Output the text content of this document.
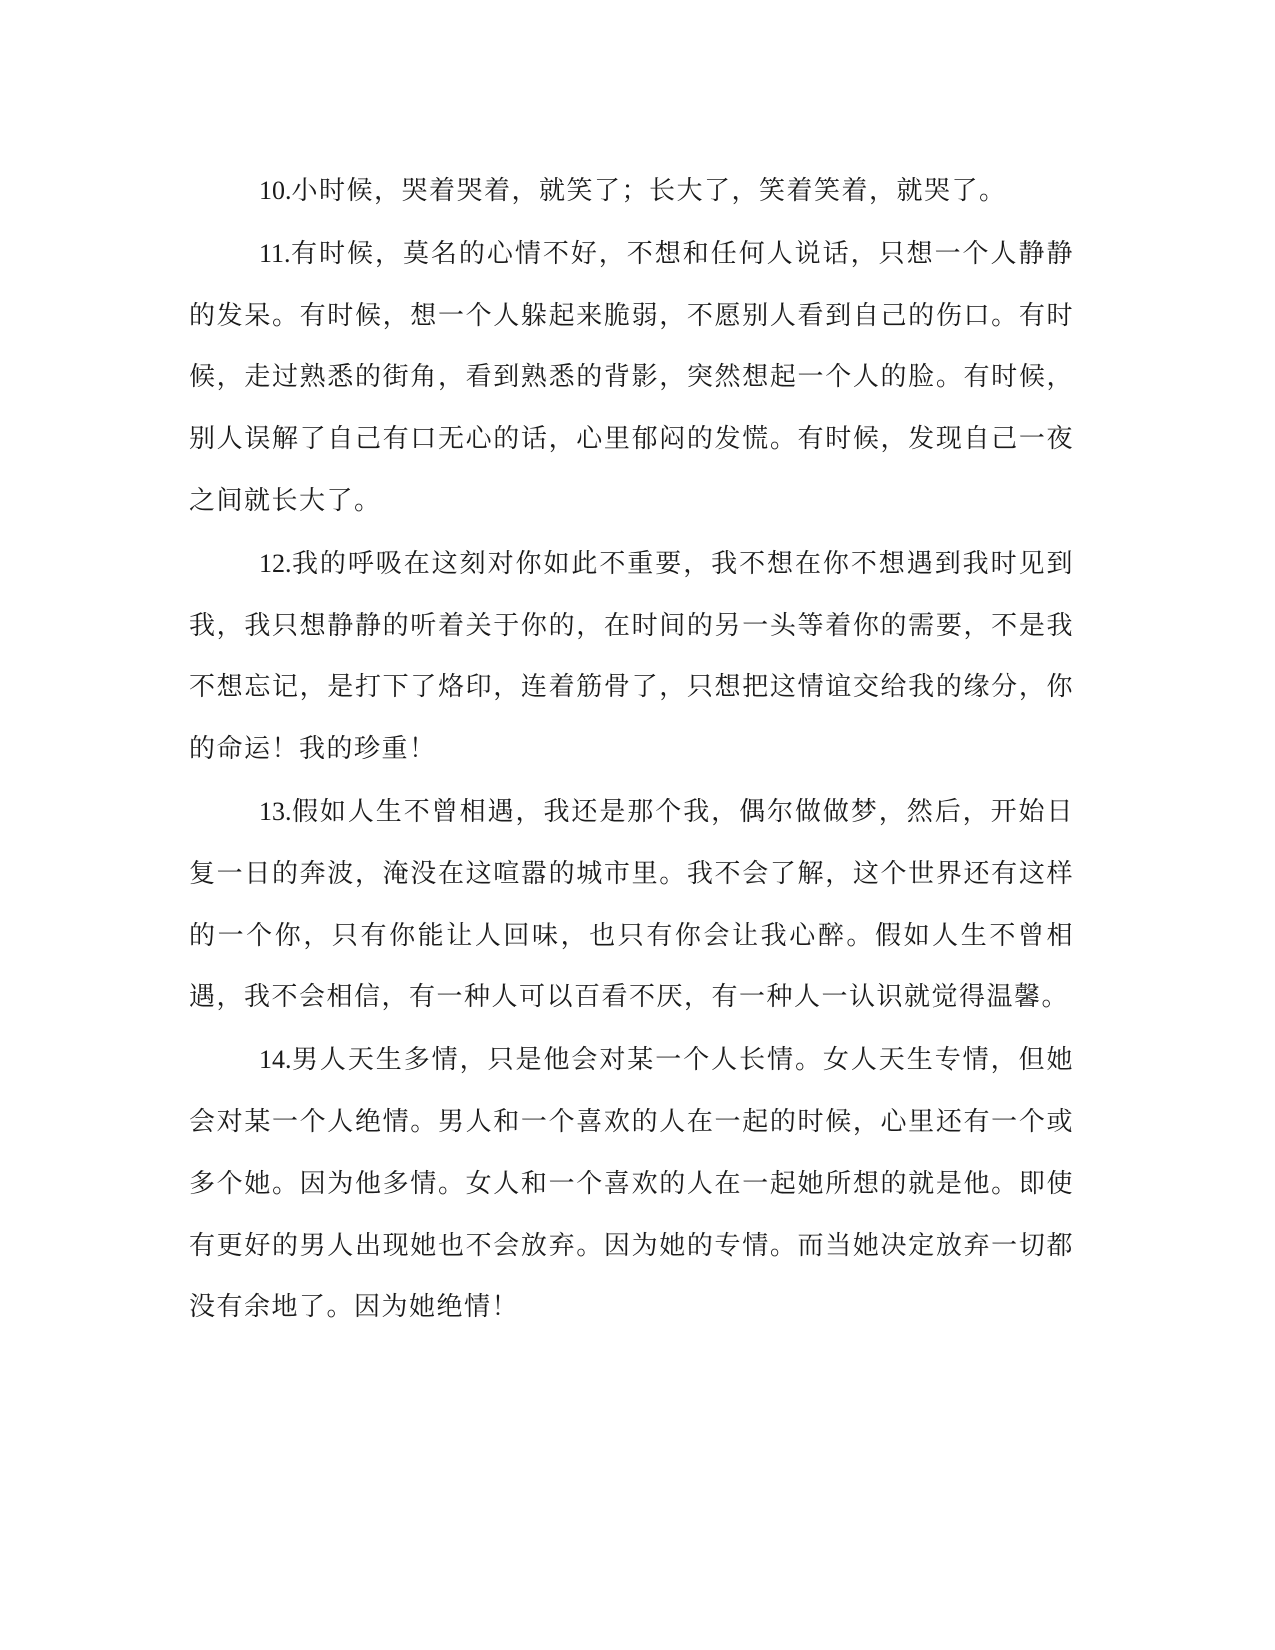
10.小时候，哭着哭着，就笑了；长大了，笑着笑着，就哭了。

11.有时候，莫名的心情不好，不想和任何人说话，只想一个人静静的发呆。有时候，想一个人躲起来脆弱，不愿别人看到自己的伤口。有时候，走过熟悉的街角，看到熟悉的背影，突然想起一个人的脸。有时候，别人误解了自己有口无心的话，心里郁闷的发慌。有时候，发现自己一夜之间就长大了。

12.我的呼吸在这刻对你如此不重要，我不想在你不想遇到我时见到我，我只想静静的听着关于你的，在时间的另一头等着你的需要，不是我不想忘记，是打下了烙印，连着筋骨了，只想把这情谊交给我的缘分，你的命运！我的珍重！

13.假如人生不曾相遇，我还是那个我，偶尔做做梦，然后，开始日复一日的奔波，淹没在这喧嚣的城市里。我不会了解，这个世界还有这样的一个你，只有你能让人回味，也只有你会让我心醉。假如人生不曾相遇，我不会相信，有一种人可以百看不厌，有一种人一认识就觉得温馨。

14.男人天生多情，只是他会对某一个人长情。女人天生专情，但她会对某一个人绝情。男人和一个喜欢的人在一起的时候，心里还有一个或多个她。因为他多情。女人和一个喜欢的人在一起她所想的就是他。即使有更好的男人出现她也不会放弃。因为她的专情。而当她决定放弃一切都没有余地了。因为她绝情！
